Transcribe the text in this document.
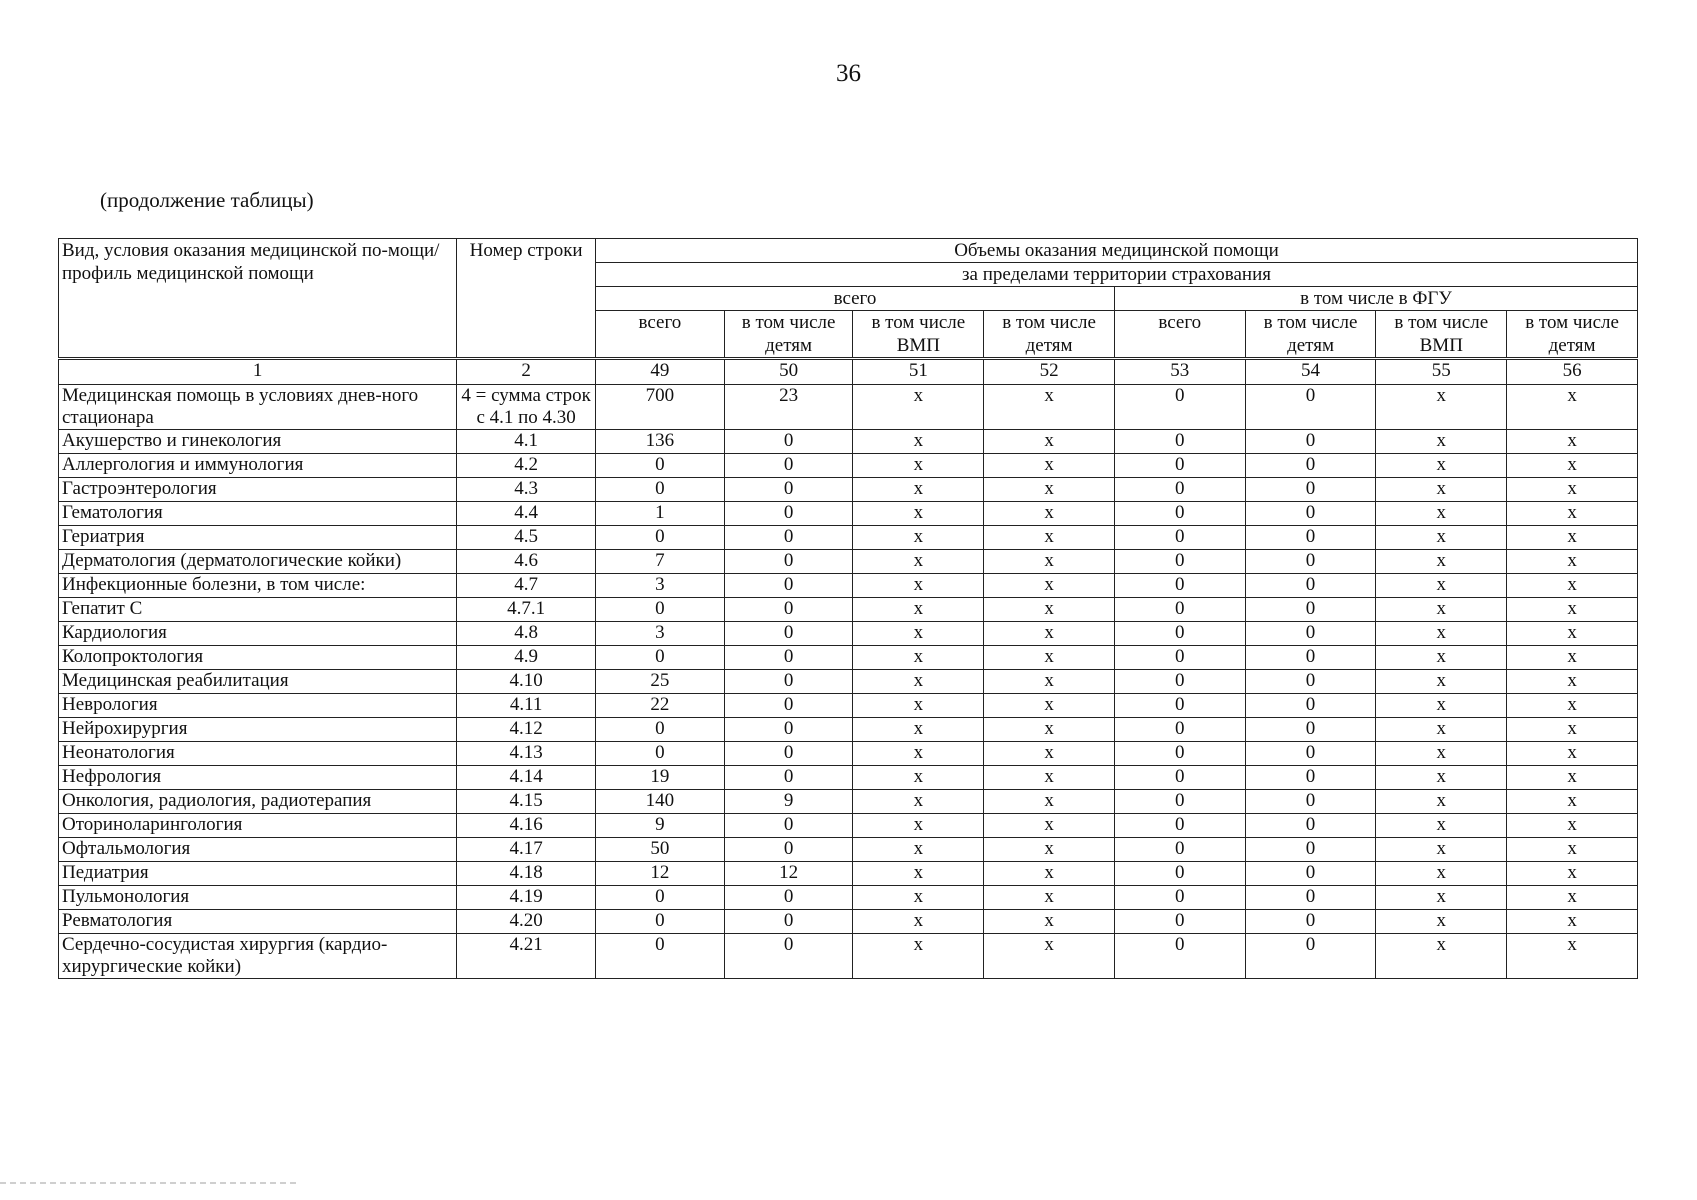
36
(продолжение таблицы)
Вид, условия оказания медицинской по-мощи/ профиль медицинской помощи	Номер строки	Объемы оказания медицинской помощи							
		за пределами территории страхования							
		всего				в том числе в ФГУ			
		всего	в том числе детям	в том числе ВМП	в том числе детям	всего	в том числе детям	в том числе ВМП	в том числе детям
1	2	49	50	51	52	53	54	55	56
Медицинская помощь в условиях днев-ного стационара	4 = сумма строк с 4.1 по 4.30	700	23	х	х	0	0	х	х
Акушерство и гинекология	4.1	136	0	х	х	0	0	х	х
Аллергология и иммунология	4.2	0	0	х	х	0	0	х	х
Гастроэнтерология	4.3	0	0	х	х	0	0	х	х
Гематология	4.4	1	0	х	х	0	0	х	х
Гериатрия	4.5	0	0	х	х	0	0	х	х
Дерматология (дерматологические койки)	4.6	7	0	х	х	0	0	х	х
Инфекционные болезни, в том числе:	4.7	3	0	х	х	0	0	х	х
Гепатит С	4.7.1	0	0	х	х	0	0	х	х
Кардиология	4.8	3	0	х	х	0	0	х	х
Колопроктология	4.9	0	0	х	х	0	0	х	х
Медицинская реабилитация	4.10	25	0	х	х	0	0	х	х
Неврология	4.11	22	0	х	х	0	0	х	х
Нейрохирургия	4.12	0	0	х	х	0	0	х	х
Неонатология	4.13	0	0	х	х	0	0	х	х
Нефрология	4.14	19	0	х	х	0	0	х	х
Онкология, радиология, радиотерапия	4.15	140	9	х	х	0	0	х	х
Оториноларингология	4.16	9	0	х	х	0	0	х	х
Офтальмология	4.17	50	0	х	х	0	0	х	х
Педиатрия	4.18	12	12	х	х	0	0	х	х
Пульмонология	4.19	0	0	х	х	0	0	х	х
Ревматология	4.20	0	0	х	х	0	0	х	х
Сердечно-сосудистая хирургия (кардио-хирургические койки)	4.21	0	0	х	х	0	0	х	х
